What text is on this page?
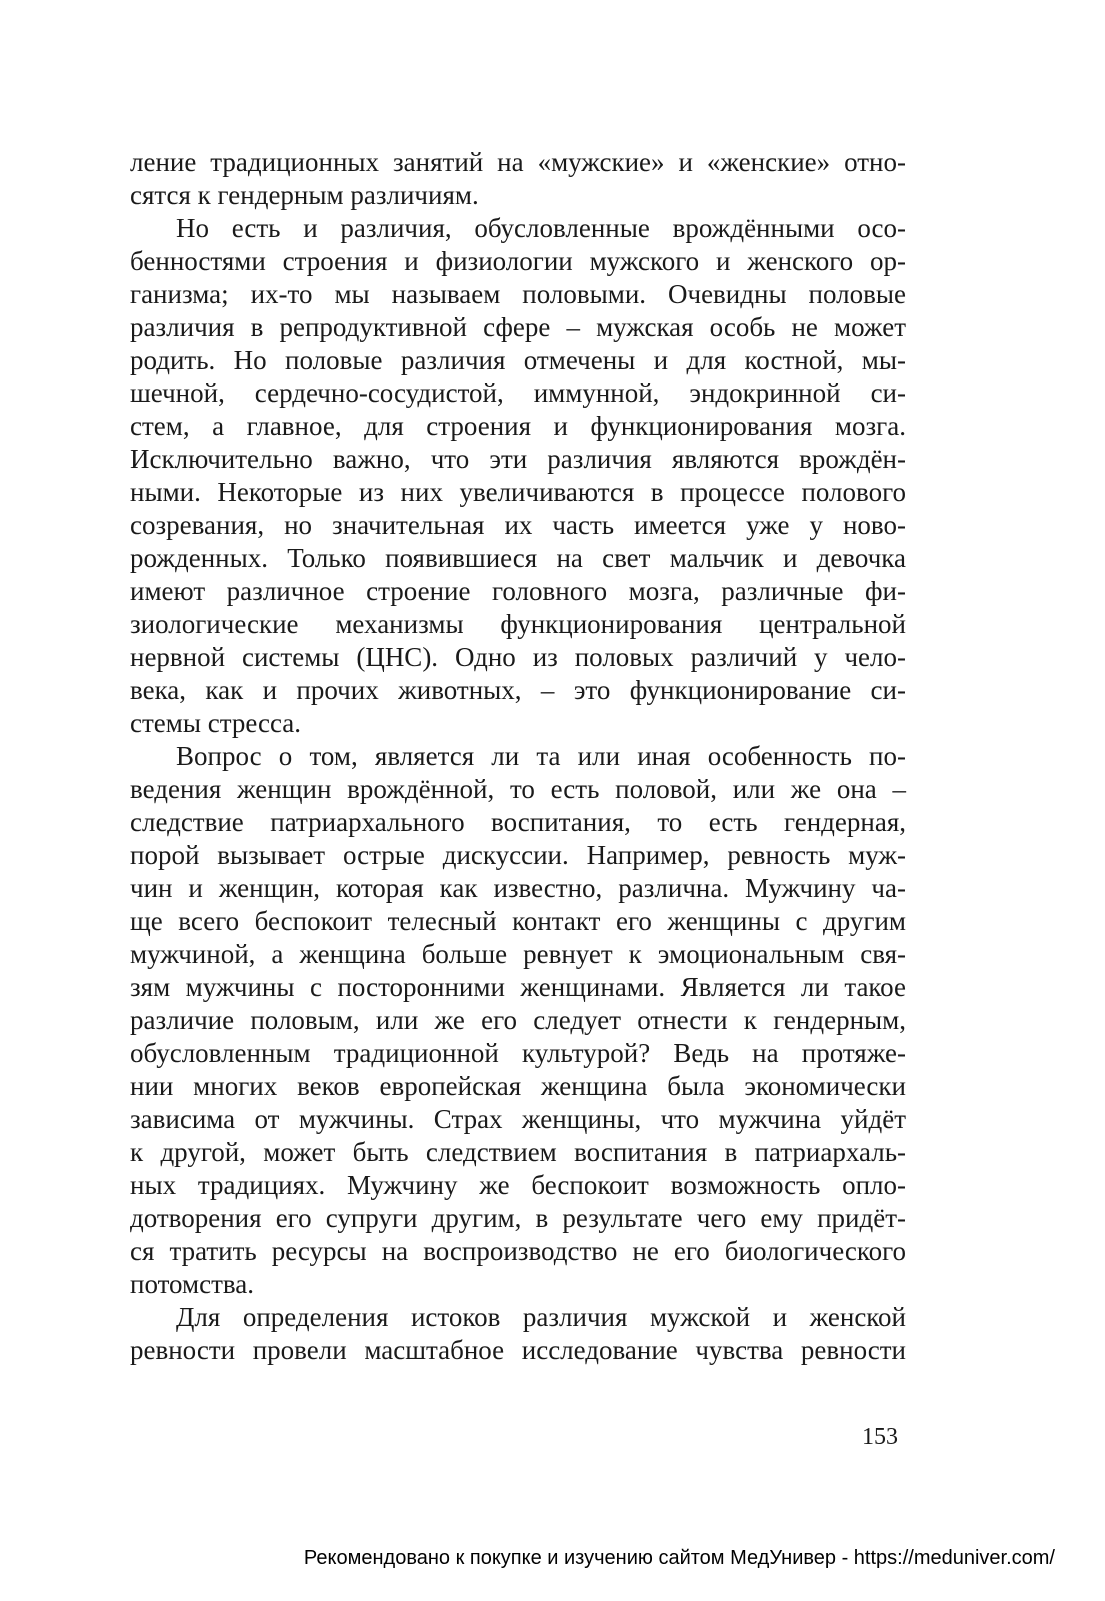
ление традиционных занятий на «мужские» и «женские» отно-
сятся к гендерным различиям.
Но есть и различия, обусловленные врождёнными осо-
бенностями строения и физиологии мужского и женского ор-
ганизма; их-то мы называем половыми. Очевидны половые
различия в репродуктивной сфере – мужская особь не может
родить. Но половые различия отмечены и для костной, мы-
шечной, сердечно-сосудистой, иммунной, эндокринной си-
стем, а главное, для строения и функционирования мозга.
Исключительно важно, что эти различия являются врождён-
ными. Некоторые из них увеличиваются в процессе полового
созревания, но значительная их часть имеется уже у ново-
рожденных. Только появившиеся на свет мальчик и девочка
имеют различное строение головного мозга, различные фи-
зиологические механизмы функционирования центральной
нервной системы (ЦНС). Одно из половых различий у чело-
века, как и прочих животных, – это функционирование си-
стемы стресса.
Вопрос о том, является ли та или иная особенность по-
ведения женщин врождённой, то есть половой, или же она –
следствие патриархального воспитания, то есть гендерная,
порой вызывает острые дискуссии. Например, ревность муж-
чин и женщин, которая как известно, различна. Мужчину ча-
ще всего беспокоит телесный контакт его женщины с другим
мужчиной, а женщина больше ревнует к эмоциональным свя-
зям мужчины с посторонними женщинами. Является ли такое
различие половым, или же его следует отнести к гендерным,
обусловленным традиционной культурой? Ведь на протяже-
нии многих веков европейская женщина была экономически
зависима от мужчины. Страх женщины, что мужчина уйдёт
к другой, может быть следствием воспитания в патриархаль-
ных традициях. Мужчину же беспокоит возможность опло-
дотворения его супруги другим, в результате чего ему придёт-
ся тратить ресурсы на воспроизводство не его биологического
потомства.
Для определения истоков различия мужской и женской
ревности провели масштабное исследование чувства ревности
153
Рекомендовано к покупке и изучению сайтом МедУнивер - https://meduniver.com/
